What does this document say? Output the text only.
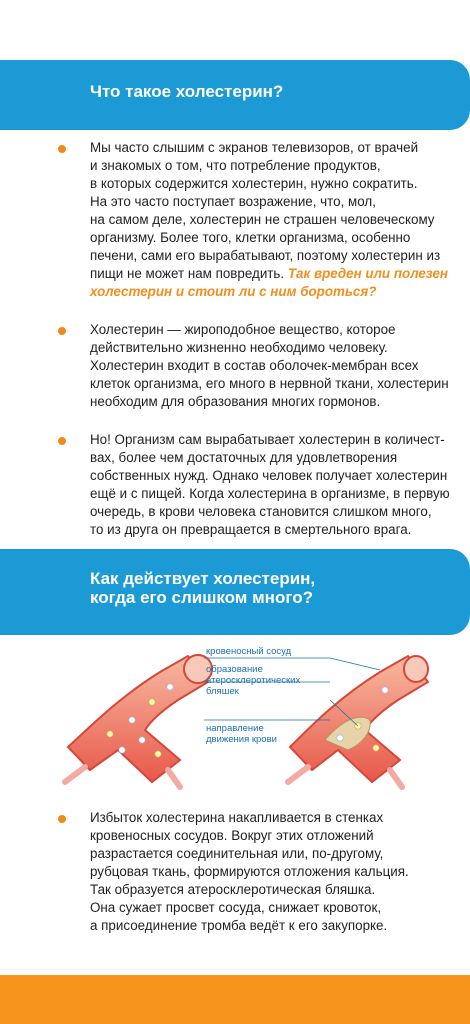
Что такое холестерин?
Мы часто слышим с экранов телевизоров, от врачей
и знакомых о том, что потребление продуктов,
в которых содержится холестерин, нужно сократить.
На это часто поступает возражение, что, мол,
на самом деле, холестерин не страшен человеческому
организму. Более того, клетки организма, особенно
печени, сами его вырабатывают, поэтому холестерин из
пищи не может нам повредить. Так вреден или полезен
холестерин и стоит ли с ним бороться?
Холестерин — жироподобное вещество, которое
действительно жизненно необходимо человеку.
Холестерин входит в состав оболочек-мембран всех
клеток организма, его много в нервной ткани, холестерин
необходим для образования многих гормонов.
Но! Организм сам вырабатывает холестерин в количест-
вах, более чем достаточных для удовлетворения
собственных нужд. Однако человек получает холестерин
ещё и с пищей. Когда холестерина в организме, в первую
очередь, в крови человека становится слишком много,
то из друга он превращается в смертельного врага.
Как действует холестерин,
когда его слишком много?
кровеносный сосуд
образование
атеросклеротических
бляшек
направление
движения крови
Избыток холестерина накапливается в стенках
кровеносных сосудов. Вокруг этих отложений
разрастается соединительная или, по-другому,
рубцовая ткань, формируются отложения кальция.
Так образуется атеросклеротическая бляшка.
Она сужает просвет сосуда, снижает кровоток,
а присоединение тромба ведёт к его закупорке.
